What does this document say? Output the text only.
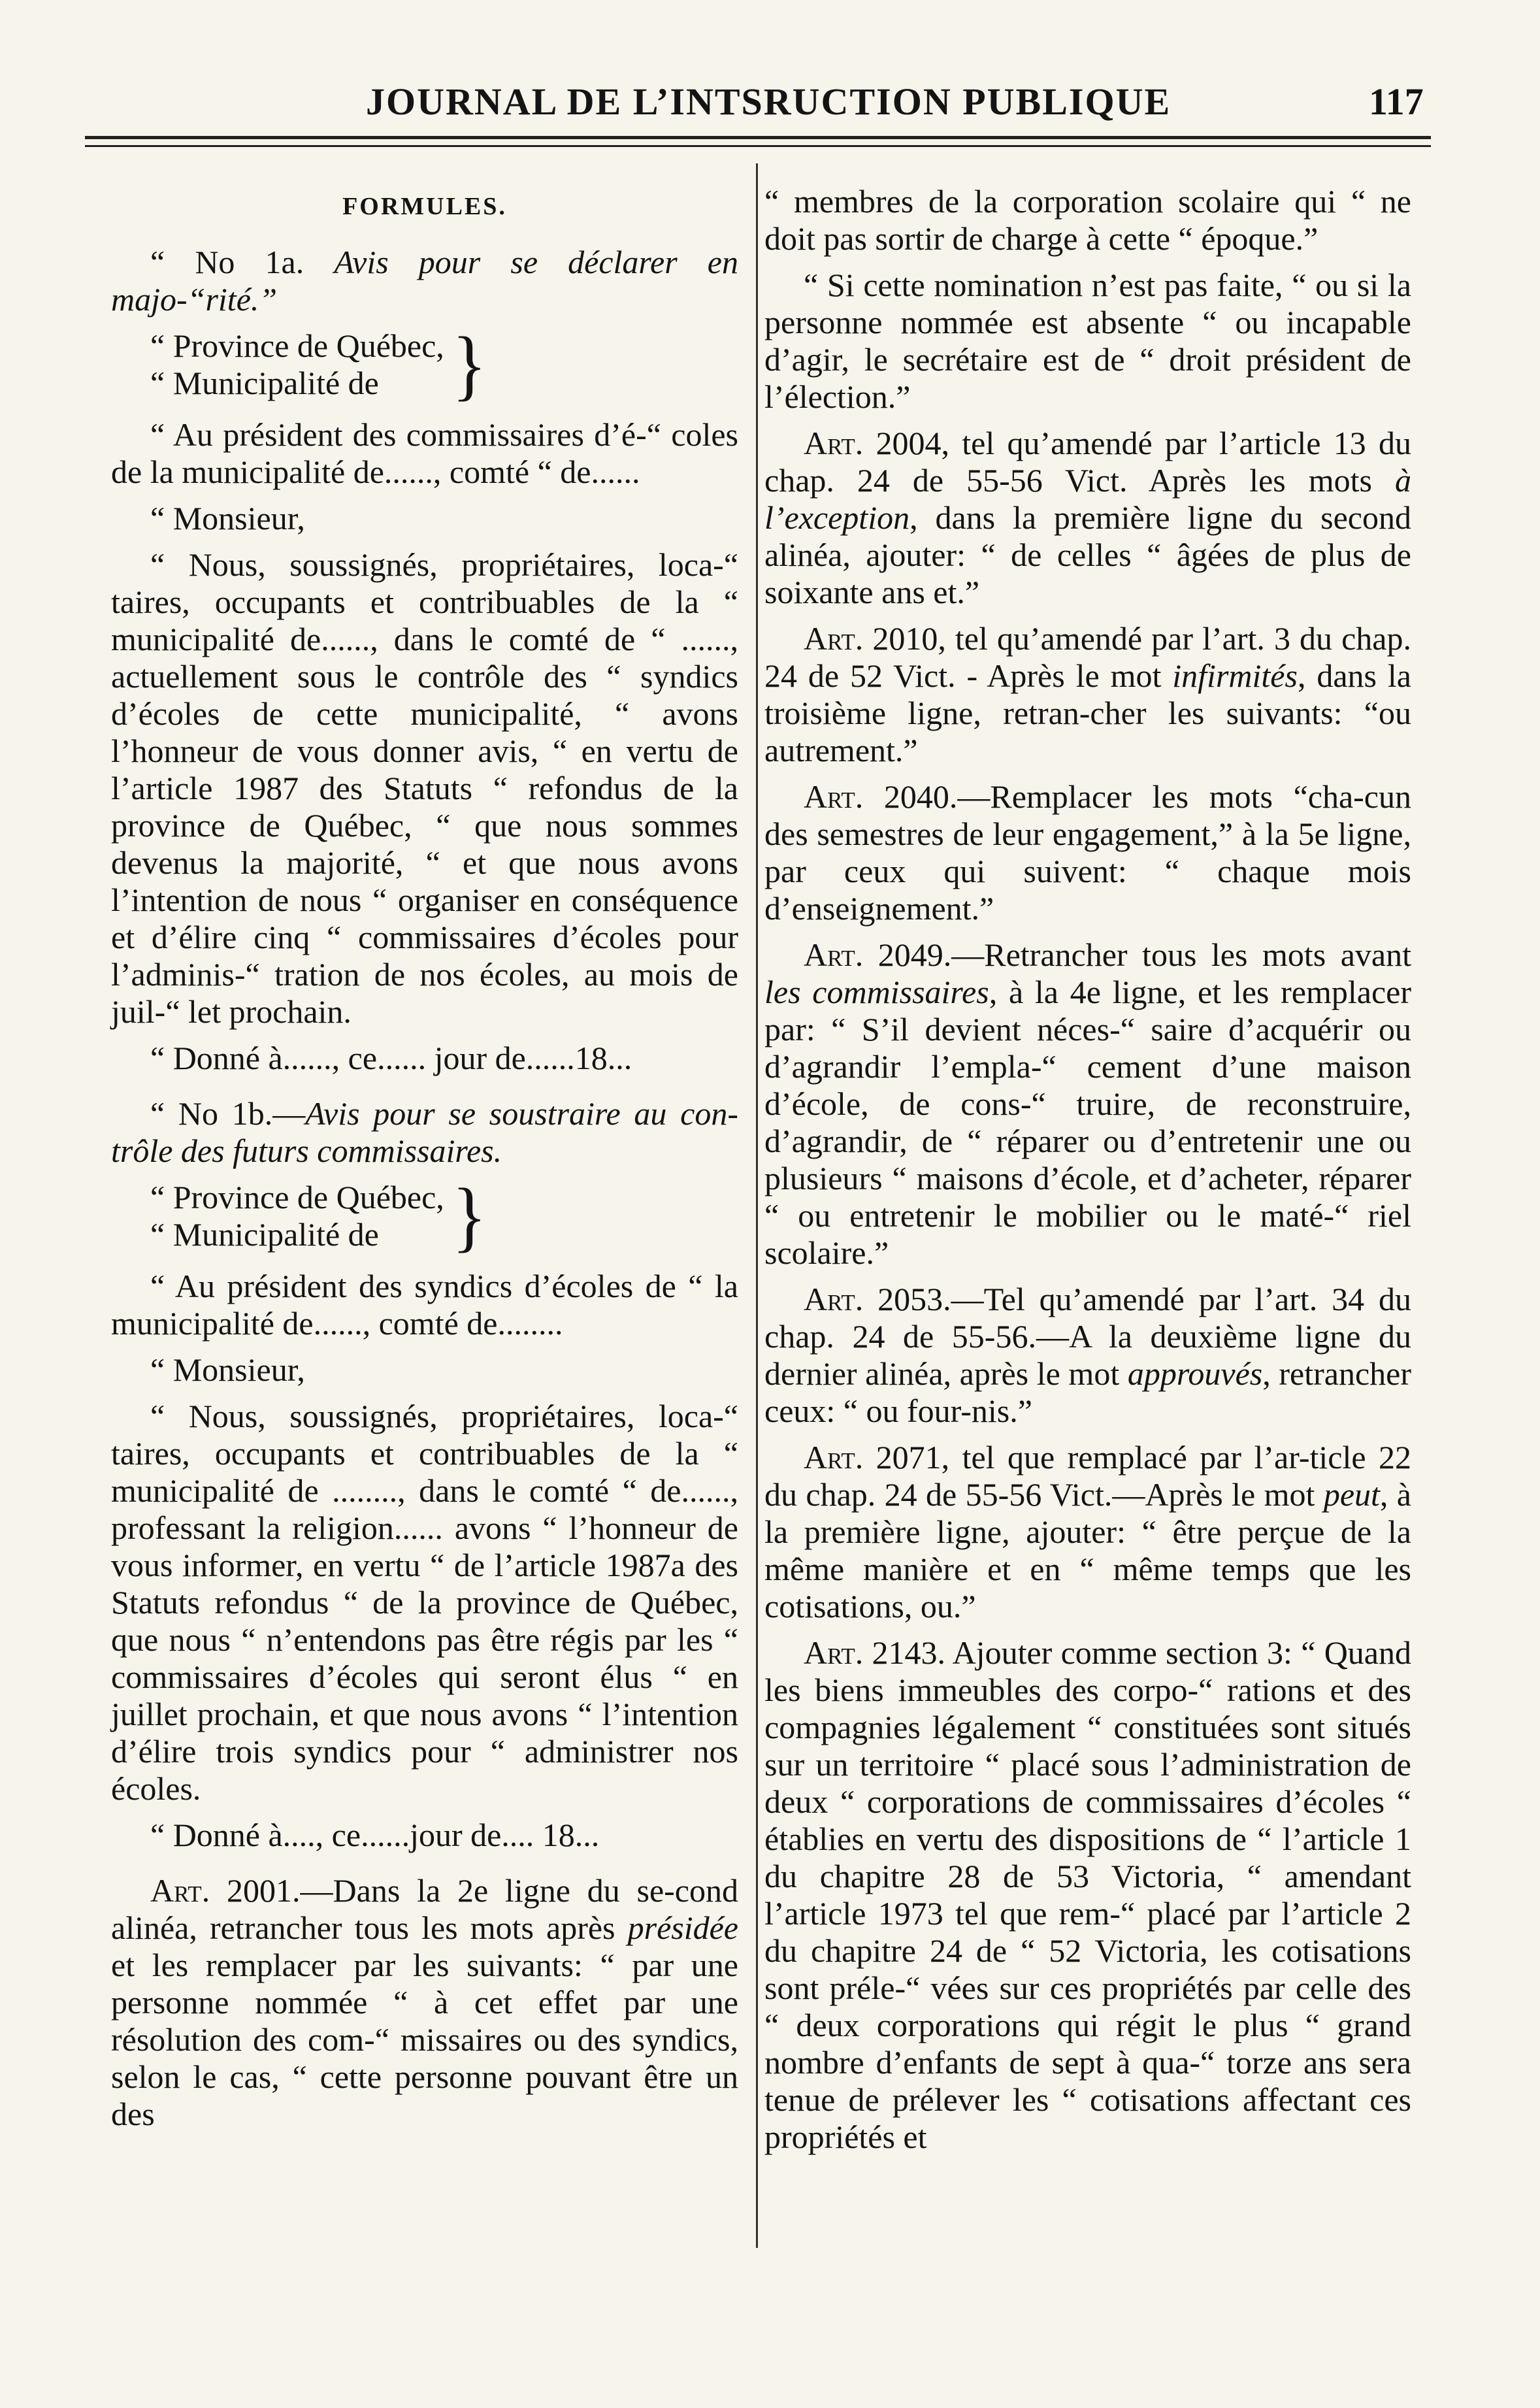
JOURNAL DE L’INTSRUCTION PUBLIQUE	117
FORMULES.

“ No 1a. Avis pour se déclarer en majo-“rité.”

“ Province de Québec,
“ Municipalité de	}

“ Au président des commissaires d’é-“ coles de la municipalité de......, comté “ de......

“ Monsieur,

“ Nous, soussignés, propriétaires, loca-“ taires, occupants et contribuables de la “ municipalité de......, dans le comté de “ ......, actuellement sous le contrôle des “ syndics d’écoles de cette municipalité, “ avons l’honneur de vous donner avis, “ en vertu de l’article 1987 des Statuts “ refondus de la province de Québec, “ que nous sommes devenus la majorité, “ et que nous avons l’intention de nous “ organiser en conséquence et d’élire cinq “ commissaires d’écoles pour l’adminis-“ tration de nos écoles, au mois de juil-“ let prochain.

“ Donné à......, ce...... jour de......18...

“ No 1b.—Avis pour se soustraire au con-trôle des futurs commissaires.

“ Province de Québec,
“ Municipalité de	}

“ Au président des syndics d’écoles de “ la municipalité de......, comté de........

“ Monsieur,

“ Nous, soussignés, propriétaires, loca-“ taires, occupants et contribuables de la “ municipalité de ........, dans le comté “ de......, professant la religion...... avons “ l’honneur de vous informer, en vertu “ de l’article 1987a des Statuts refondus “ de la province de Québec, que nous “ n’entendons pas être régis par les “ commissaires d’écoles qui seront élus “ en juillet prochain, et que nous avons “ l’intention d’élire trois syndics pour “ administrer nos écoles.

“ Donné à...., ce......jour de.... 18...

Art. 2001.—Dans la 2e ligne du se-cond alinéa, retrancher tous les mots après présidée et les remplacer par les suivants: “ par une personne nommée “ à cet effet par une résolution des com-“ missaires ou des syndics, selon le cas, “ cette personne pouvant être un des

“ membres de la corporation scolaire qui “ ne doit pas sortir de charge à cette “ époque.”

“ Si cette nomination n’est pas faite, “ ou si la personne nommée est absente “ ou incapable d’agir, le secrétaire est de “ droit président de l’élection.”

Art. 2004, tel qu’amendé par l’article 13 du chap. 24 de 55-56 Vict. Après les mots à l’exception, dans la première ligne du second alinéa, ajouter: “ de celles “ âgées de plus de soixante ans et.”

Art. 2010, tel qu’amendé par l’art. 3 du chap. 24 de 52 Vict. - Après le mot infirmités, dans la troisième ligne, retran-cher les suivants: “ou autrement.”

Art. 2040.—Remplacer les mots “cha-cun des semestres de leur engagement,” à la 5e ligne, par ceux qui suivent: “ chaque mois d’enseignement.”

Art. 2049.—Retrancher tous les mots avant les commissaires, à la 4e ligne, et les remplacer par: “ S’il devient néces-“ saire d’acquérir ou d’agrandir l’empla-“ cement d’une maison d’école, de cons-“ truire, de reconstruire, d’agrandir, de “ réparer ou d’entretenir une ou plusieurs “ maisons d’école, et d’acheter, réparer “ ou entretenir le mobilier ou le maté-“ riel scolaire.”

Art. 2053.—Tel qu’amendé par l’art. 34 du chap. 24 de 55-56.—A la deuxième ligne du dernier alinéa, après le mot approuvés, retrancher ceux: “ ou four-nis.”

Art. 2071, tel que remplacé par l’ar-ticle 22 du chap. 24 de 55-56 Vict.—Après le mot peut, à la première ligne, ajouter: “ être perçue de la même manière et en “ même temps que les cotisations, ou.”

Art. 2143. Ajouter comme section 3: “ Quand les biens immeubles des corpo-“ rations et des compagnies légalement “ constituées sont situés sur un territoire “ placé sous l’administration de deux “ corporations de commissaires d’écoles “ établies en vertu des dispositions de “ l’article 1 du chapitre 28 de 53 Victoria, “ amendant l’article 1973 tel que rem-“ placé par l’article 2 du chapitre 24 de “ 52 Victoria, les cotisations sont préle-“ vées sur ces propriétés par celle des “ deux corporations qui régit le plus “ grand nombre d’enfants de sept à qua-“ torze ans sera tenue de prélever les “ cotisations affectant ces propriétés et
